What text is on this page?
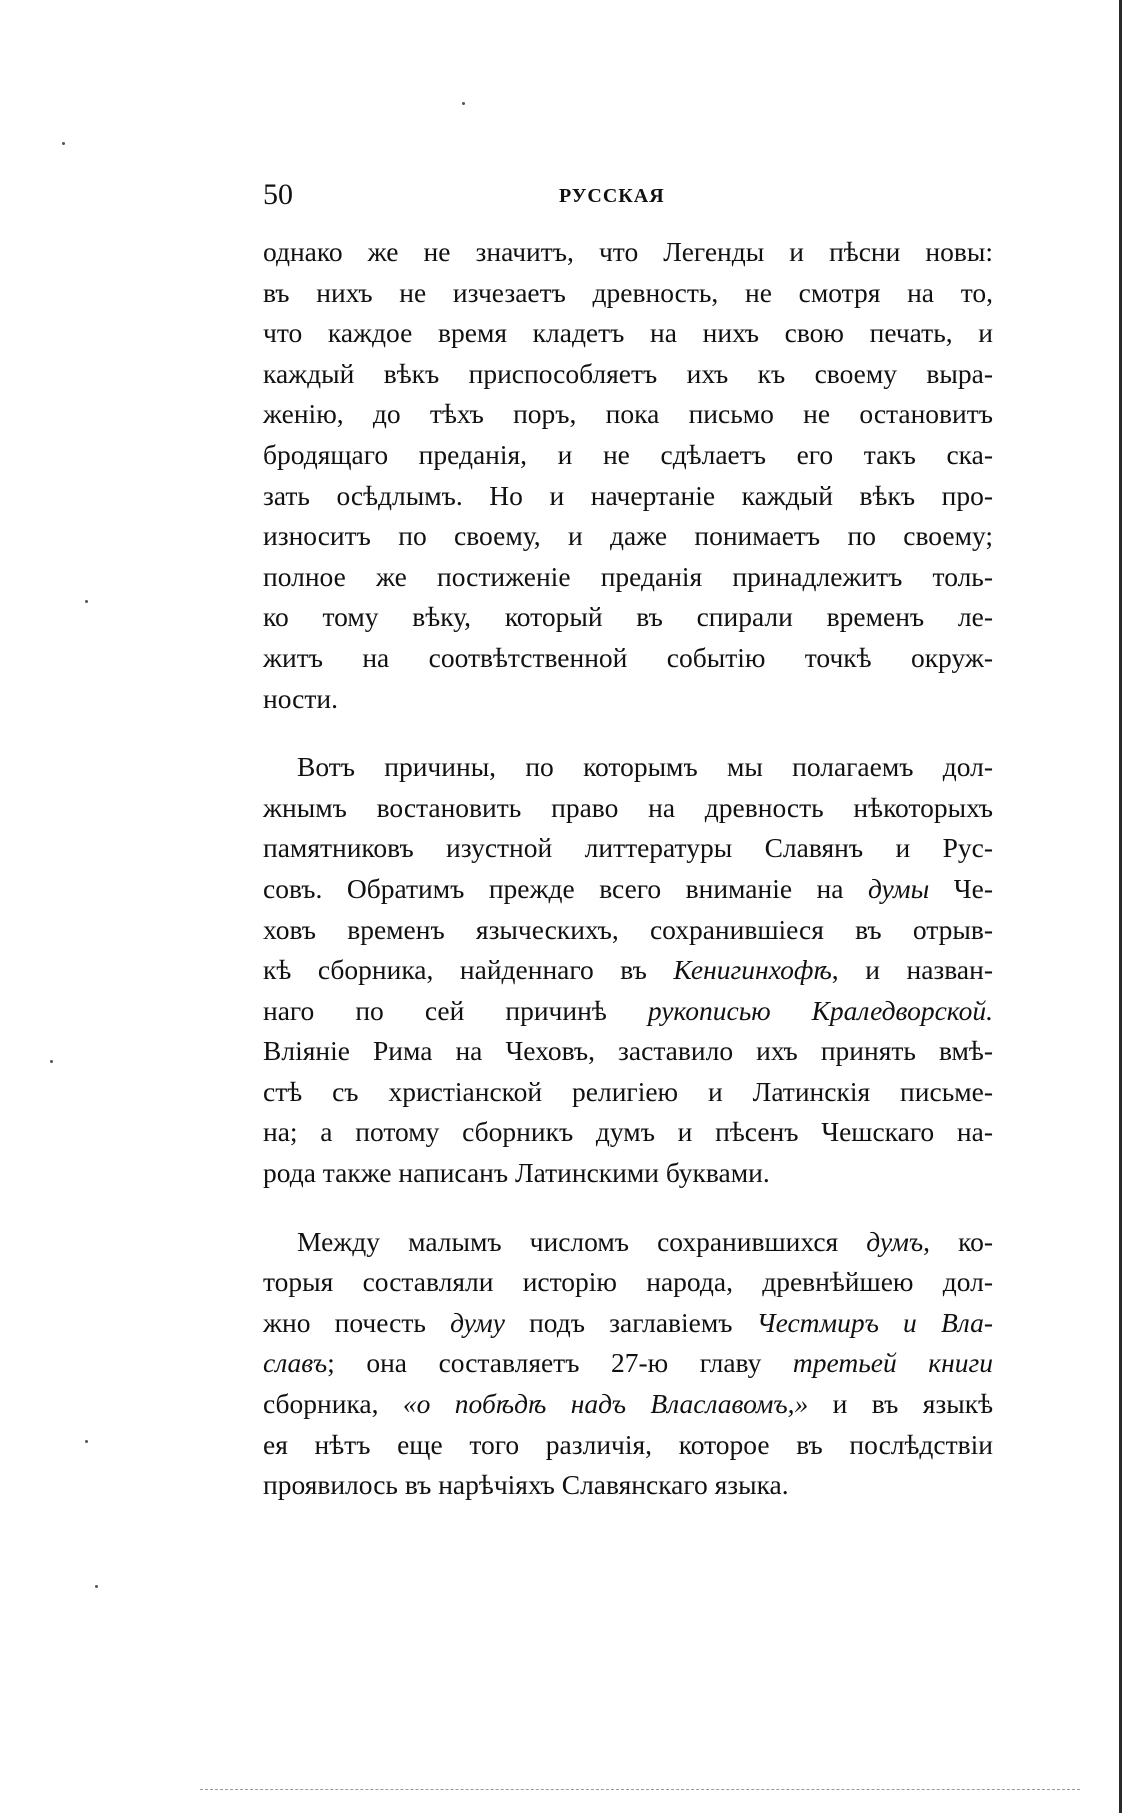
50	РУССКАЯ
однако же не значитъ, что Легенды и пѣсни новы:
въ нихъ не изчезаетъ древность, не смотря на то,
что каждое время кладетъ на нихъ свою печать, и
каждый вѣкъ приспособляетъ ихъ къ своему выра-
женію, до тѣхъ поръ, пока письмо не остановитъ
бродящаго преданія, и не сдѣлаетъ его такъ ска-
зать осѣдлымъ. Но и начертаніе каждый вѣкъ про-
износитъ по своему, и даже понимаетъ по своему;
полное же постиженіе преданія принадлежитъ толь-
ко тому вѣку, который въ спирали временъ ле-
житъ на соотвѣтственной событію точкѣ окруж-
ности.
Вотъ причины, по которымъ мы полагаемъ дол-
жнымъ востановить право на древность нѣкоторыхъ
памятниковъ изустной литтературы Славянъ и Рус-
совъ. Обратимъ прежде всего вниманіе на думы Че-
ховъ временъ языческихъ, сохранившіеся въ отрыв-
кѣ сборника, найденнаго въ Кенигинхофѣ, и назван-
наго по сей причинѣ рукописью Краледворской.
Вліяніе Рима на Чеховъ, заставило ихъ принять вмѣ-
стѣ съ христіанской религіею и Латинскія письме-
на; а потому сборникъ думъ и пѣсенъ Чешскаго на-
рода также написанъ Латинскими буквами.
Между малымъ числомъ сохранившихся думъ, ко-
торыя составляли исторію народа, древнѣйшею дол-
жно почесть думу подъ заглавіемъ Честмиръ и Вла-
славъ; она составляетъ 27-ю главу третьей книги
сборника, «о побѣдѣ надъ Влаславомъ,» и въ языкѣ
ея нѣтъ еще того различія, которое въ послѣдствіи
проявилось въ нарѣчіяхъ Славянскаго языка.
